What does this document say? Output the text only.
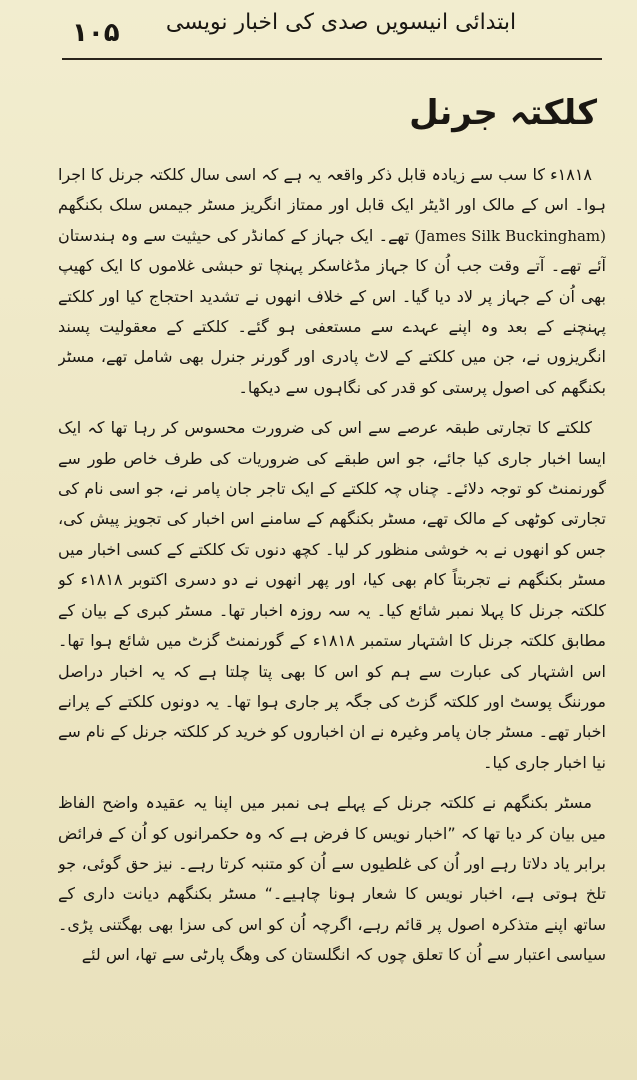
۱۰۵	ابتدائی انیسویں صدی کی اخبار نویسی
کلکتہ جرنل

۱۸۱۸ء کا سب سے زیادہ قابل ذکر واقعہ یہ ہے کہ اسی سال کلکتہ جرنل کا اجرا ہوا۔ اس کے مالک اور اڈیٹر ایک قابل اور ممتاز انگریز مسٹر جیمس سلک بکنگھم (James Silk Buckingham) تھے۔ ایک جہاز کے کمانڈر کی حیثیت سے وہ ہندستان آئے تھے۔ آتے وقت جب اُن کا جہاز مڈغاسکر پہنچا تو حبشی غلاموں کا ایک کھیپ بھی اُن کے جہاز پر لاد دیا گیا۔ اس کے خلاف انھوں نے تشدید احتجاج کیا اور کلکتے پہنچنے کے بعد وہ اپنے عہدے سے مستعفی ہو گئے۔ کلکتے کے معقولیت پسند انگریزوں نے، جن میں کلکتے کے لاٹ پادری اور گورنر جنرل بھی شامل تھے، مسٹر بکنگھم کی اصول پرستی کو قدر کی نگاہوں سے دیکھا۔

کلکتے کا تجارتی طبقہ عرصے سے اس کی ضرورت محسوس کر رہا تھا کہ ایک ایسا اخبار جاری کیا جائے، جو اس طبقے کی ضروریات کی طرف خاص طور سے گورنمنٹ کو توجہ دلائے۔ چناں چہ کلکتے کے ایک تاجر جان پامر نے، جو اسی نام کی تجارتی کوٹھی کے مالک تھے، مسٹر بکنگھم کے سامنے اس اخبار کی تجویز پیش کی، جس کو انھوں نے بہ خوشی منظور کر لیا۔ کچھ دنوں تک کلکتے کے کسی اخبار میں مسٹر بکنگھم نے تجربتاً کام بھی کیا، اور پھر انھوں نے دو دسری اکتوبر ۱۸۱۸ء کو کلکتہ جرنل کا پہلا نمبر شائع کیا۔ یہ سہ روزہ اخبار تھا۔ مسٹر کبری کے بیان کے مطابق کلکتہ جرنل کا اشتہار ستمبر ۱۸۱۸ء کے گورنمنٹ گزٹ میں شائع ہوا تھا۔ اس اشتہار کی عبارت سے ہم کو اس کا بھی پتا چلتا ہے کہ یہ اخبار دراصل مورننگ پوسٹ اور کلکتہ گزٹ کی جگہ پر جاری ہوا تھا۔ یہ دونوں کلکتے کے پرانے اخبار تھے۔ مسٹر جان پامر وغیرہ نے ان اخباروں کو خرید کر کلکتہ جرنل کے نام سے نیا اخبار جاری کیا۔

مسٹر بکنگھم نے کلکتہ جرنل کے پہلے ہی نمبر میں اپنا یہ عقیدہ واضح الفاظ میں بیان کر دیا تھا کہ ”اخبار نویس کا فرض ہے کہ وہ حکمرانوں کو اُن کے فرائض برابر یاد دلاتا رہے اور اُن کی غلطیوں سے اُن کو متنبہ کرتا رہے۔ نیز حق گوئی، جو تلخ ہوتی ہے، اخبار نویس کا شعار ہونا چاہیے۔“ مسٹر بکنگھم دیانت داری کے ساتھ اپنے متذکرہ اصول پر قائم رہے، اگرچہ اُن کو اس کی سزا بھی بھگتنی پڑی۔ سیاسی اعتبار سے اُن کا تعلق چوں کہ انگلستان کی وھگ پارٹی سے تھا، اس لئے
